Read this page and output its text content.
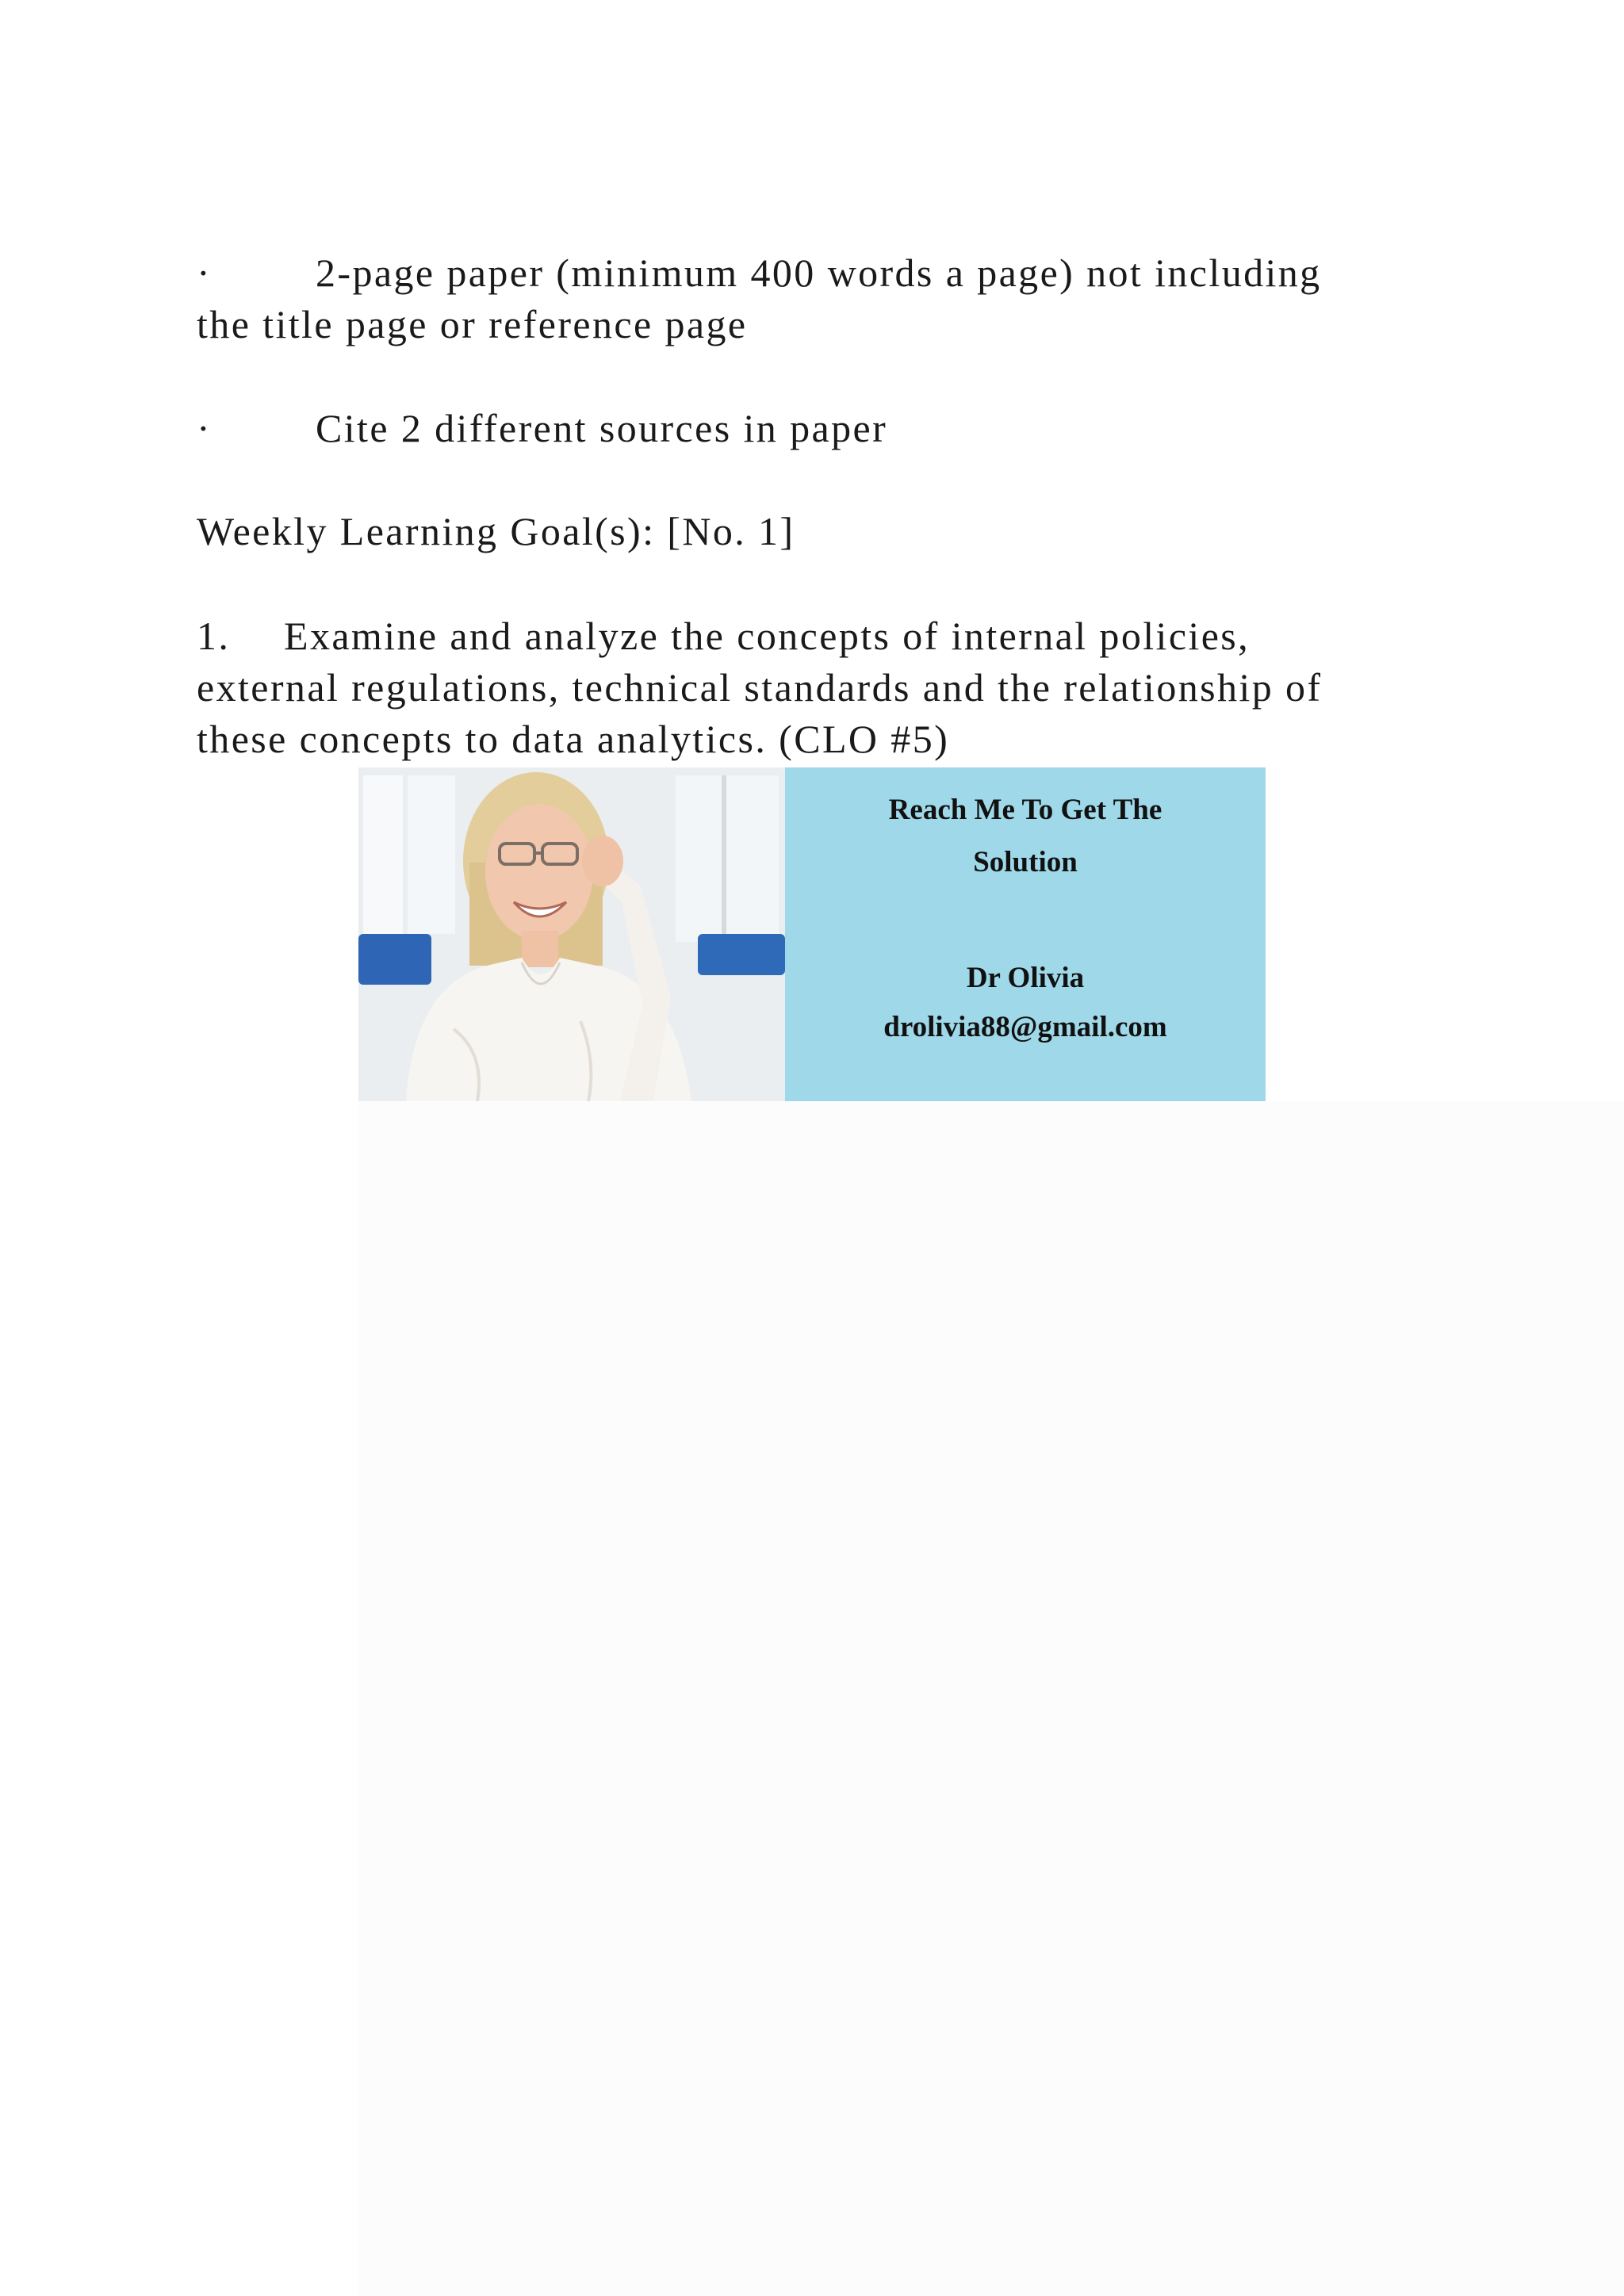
·	2-page paper (minimum 400 words a page) not including
the title page or reference page
·	Cite 2 different sources in paper
Weekly Learning Goal(s): [No. 1]
1. Examine and analyze the concepts of internal policies,
external regulations, technical standards and the relationship of
these concepts to data analytics. (CLO #5)
Reach Me To Get The
Solution
Dr Olivia
drolivia88@gmail.com
